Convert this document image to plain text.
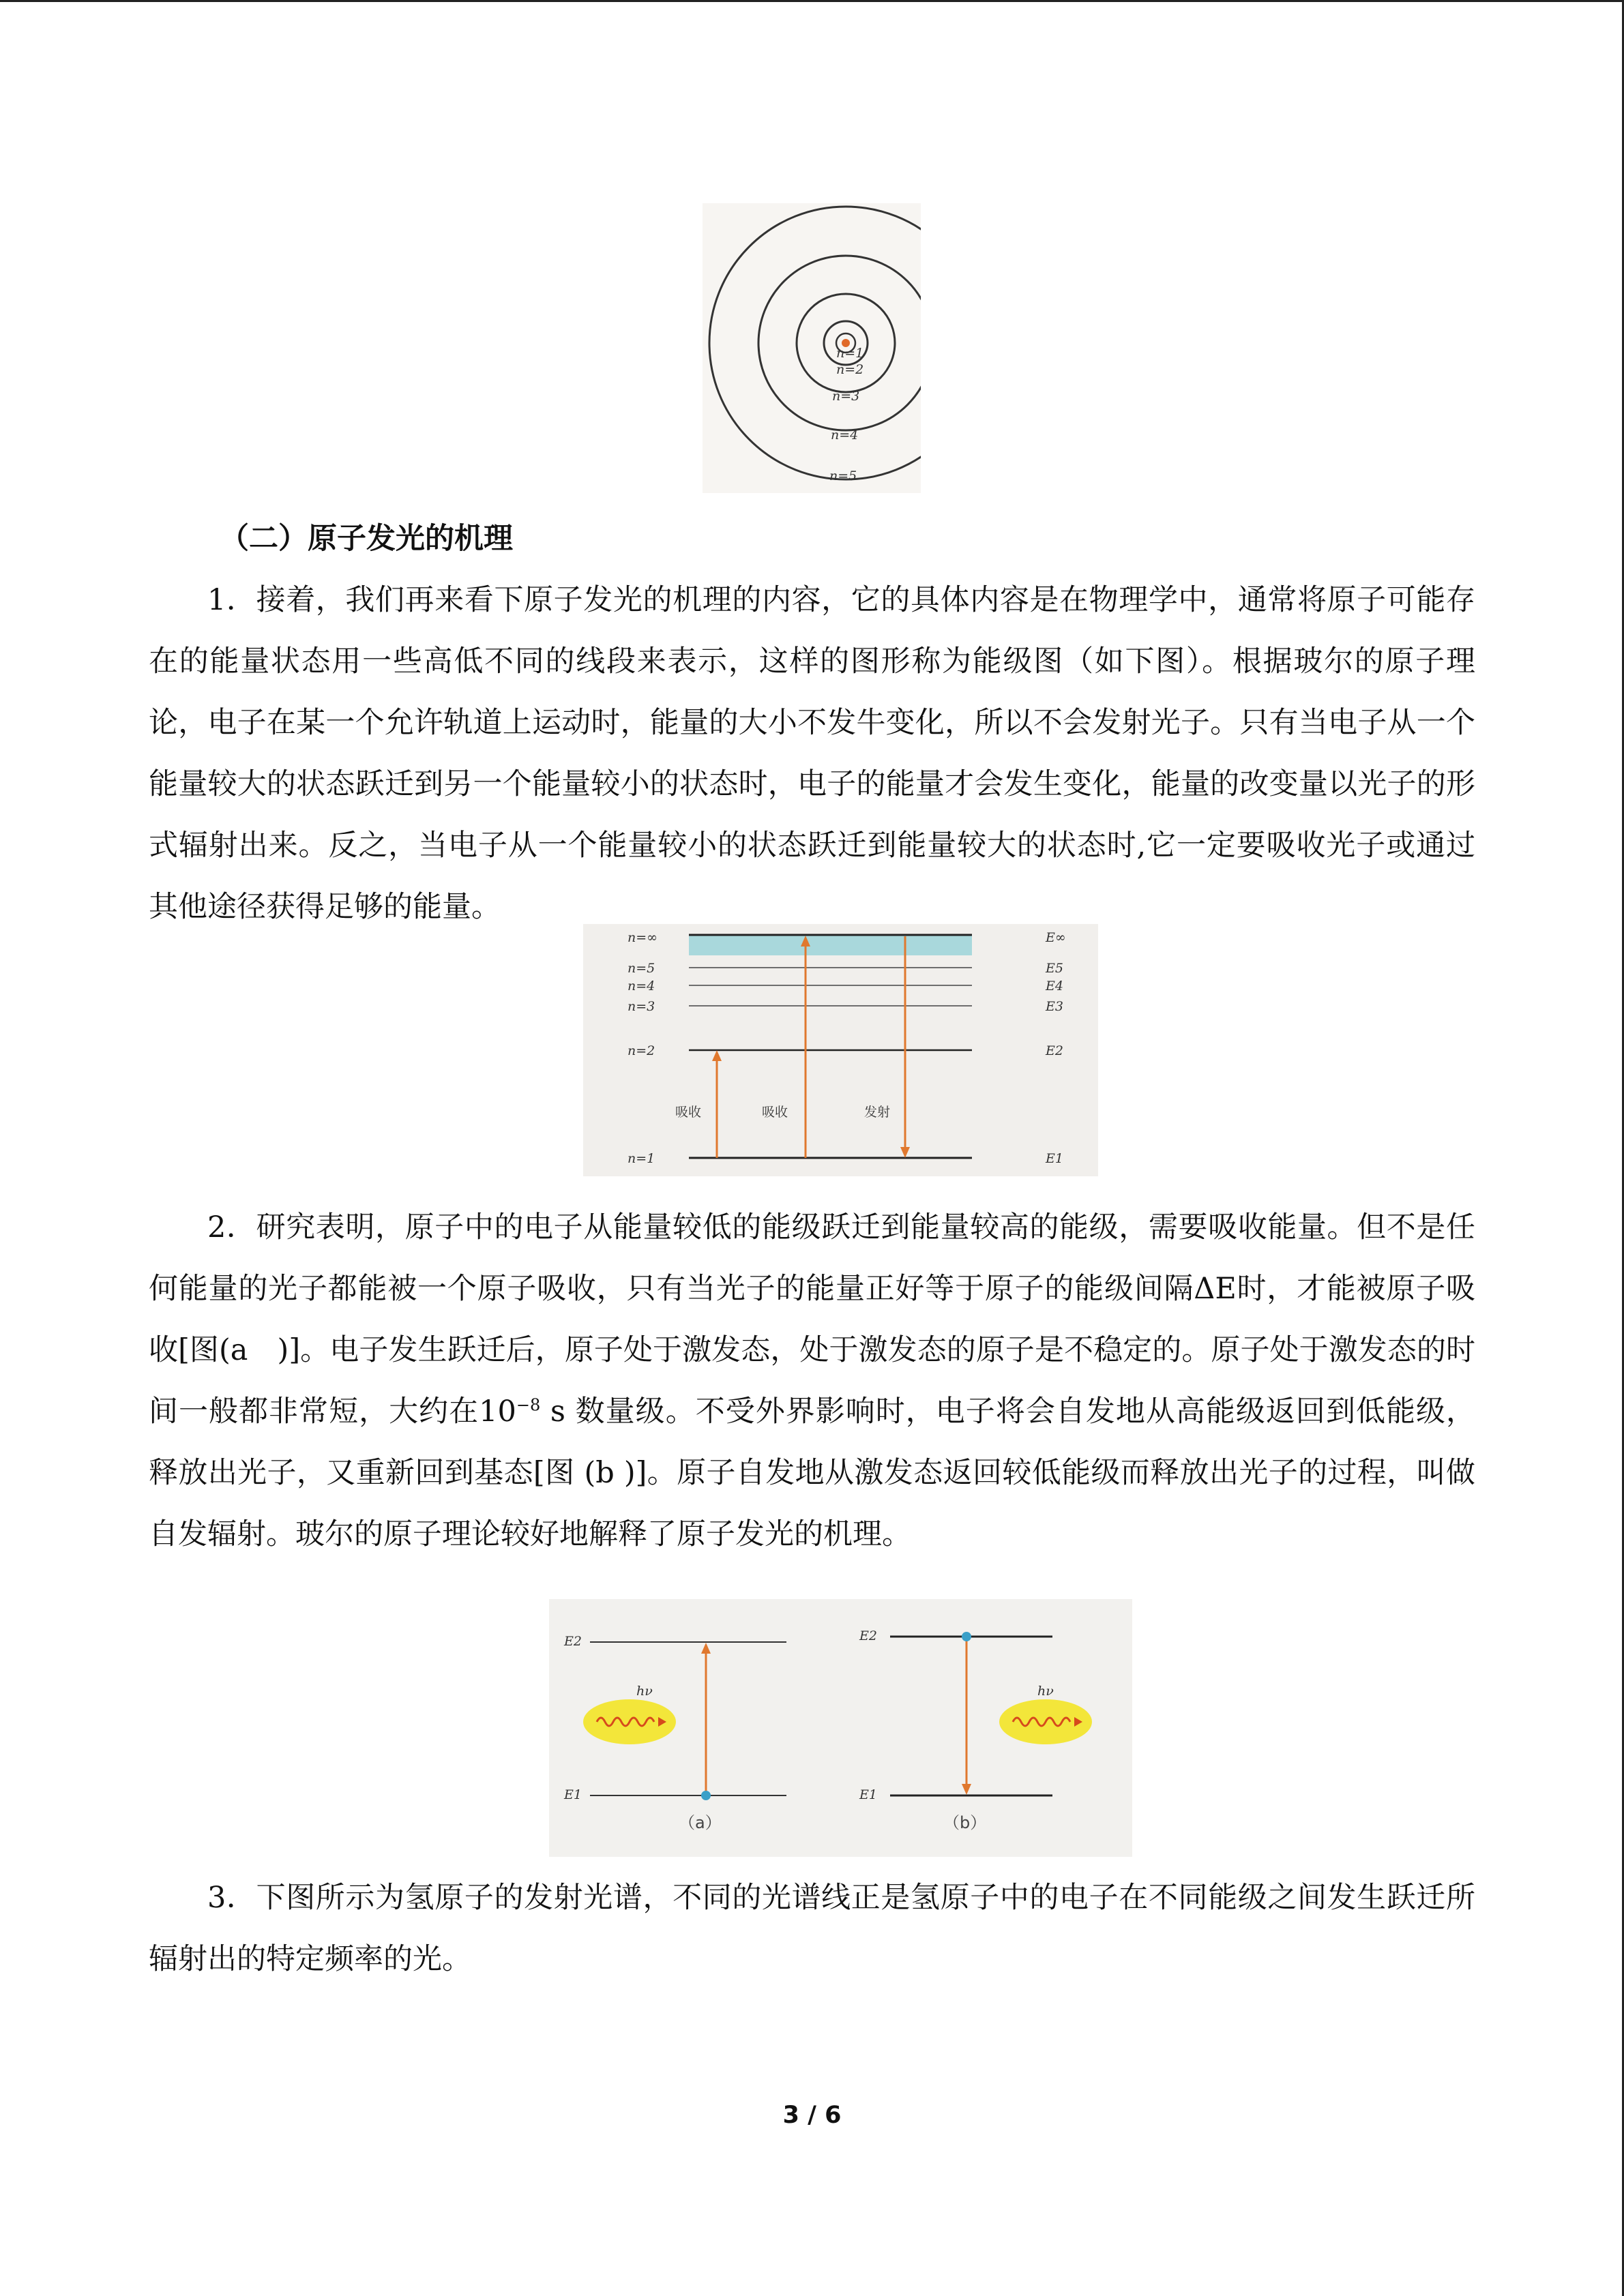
n=1
n=2
n=3
n=4
n=5
（二）原子发光的机理

1．接着，我们再来看下原子发光的机理的内容，它的具体内容是在物理学中，通常将原子可能存在的能量状态用一些高低不同的线段来表示，这样的图形称为能级图（如下图）。根据玻尔的原子理论，电子在某一个允许轨道上运动时，能量的大小不发牛变化，所以不会发射光子。只有当电子从一个能量较大的状态跃迁到另一个能量较小的状态时，电子的能量才会发生变化，能量的改变量以光子的形式辐射出来。反之，当电子从一个能量较小的状态跃迁到能量较大的状态时,它一定要吸收光子或通过其他途径获得足够的能量。

n=∞
n=5
n=4
n=3
n=2
n=1
E∞
E5
E4
E3
E2
E1
吸收	吸收	发射

2．研究表明，原子中的电子从能量较低的能级跃迁到能量较高的能级，需要吸收能量。但不是任何能量的光子都能被一个原子吸收，只有当光子的能量正好等于原子的能级间隔ΔE时，才能被原子吸收[图(a　)]。电子发生跃迁后，原子处于激发态，处于激发态的原子是不稳定的。原子处于激发态的时间一般都非常短，大约在$10^{-8}$ s 数量级。不受外界影响时，电子将会自发地从高能级返回到低能级，释放出光子，又重新回到基态[图 (b )]。原子自发地从激发态返回较低能级而释放出光子的过程，叫做自发辐射。玻尔的原子理论较好地解释了原子发光的机理。

E2
E1
hν
（a）
E2
E1
hν
（b）

3．下图所示为氢原子的发射光谱，不同的光谱线正是氢原子中的电子在不同能级之间发生跃迁所辐射出的特定频率的光。

3 / 6
